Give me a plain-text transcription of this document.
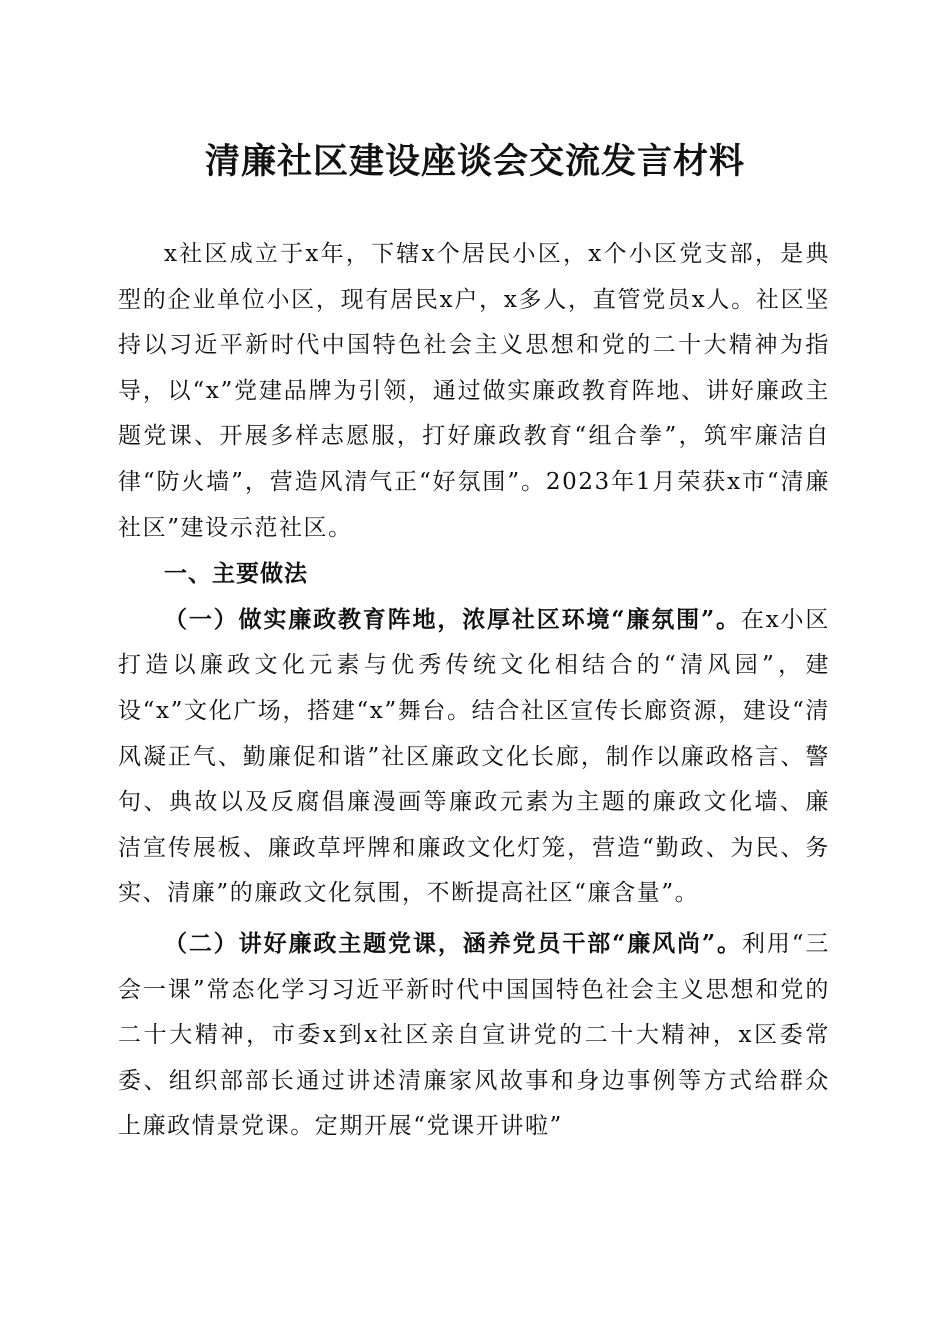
清廉社区建设座谈会交流发言材料

x社区成立于x年，下辖x个居民小区，x个小区党支部，是典型的企业单位小区，现有居民x户，x多人，直管党员x人。社区坚持以习近平新时代中国特色社会主义思想和党的二十大精神为指导，以“x”党建品牌为引领，通过做实廉政教育阵地、讲好廉政主题党课、开展多样志愿服，打好廉政教育“组合拳”，筑牢廉洁自律“防火墙”，营造风清气正“好氛围”。2023年1月荣获x市“清廉社区”建设示范社区。

一、主要做法

（一）做实廉政教育阵地，浓厚社区环境“廉氛围”。在x小区打造以廉政文化元素与优秀传统文化相结合的“清风园”，建设“x”文化广场，搭建“x”舞台。结合社区宣传长廊资源，建设“清风凝正气、勤廉促和谐”社区廉政文化长廊，制作以廉政格言、警句、典故以及反腐倡廉漫画等廉政元素为主题的廉政文化墙、廉洁宣传展板、廉政草坪牌和廉政文化灯笼，营造“勤政、为民、务实、清廉”的廉政文化氛围，不断提高社区“廉含量”。

（二）讲好廉政主题党课，涵养党员干部“廉风尚”。利用“三会一课”常态化学习习近平新时代中国国特色社会主义思想和党的二十大精神，市委x到x社区亲自宣讲党的二十大精神，x区委常委、组织部部长通过讲述清廉家风故事和身边事例等方式给群众上廉政情景党课。定期开展“党课开讲啦”
